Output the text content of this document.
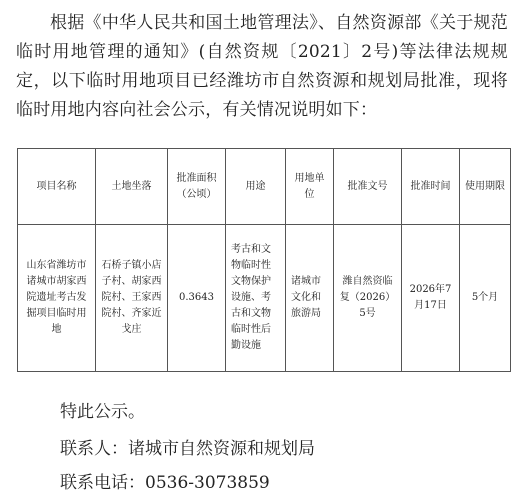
根据《中华人民共和国土地管理法》、自然资源部《关于规范临时用地管理的通知》(自然资规〔2021〕2号)等法律法规规定，以下临时用地项目已经潍坊市自然资源和规划局批准，现将临时用地内容向社会公示，有关情况说明如下：

项目名称	土地坐落	批准面积（公顷）	用途	用地单位	批准文号	批准时间	使用期限
山东省潍坊市诸城市胡家西院遗址考古发掘项目临时用地	石桥子镇小店子村、胡家西院村、王家西院村、齐家近戈庄	0.3643	考古和文物临时性文物保护设施、考古和文物临时性后勤设施	诸城市文化和旅游局	潍自然资临复（2026）5号	2026年7月17日	5个月

特此公示。

联系人：诸城市自然资源和规划局

联系电话：0536-3073859
